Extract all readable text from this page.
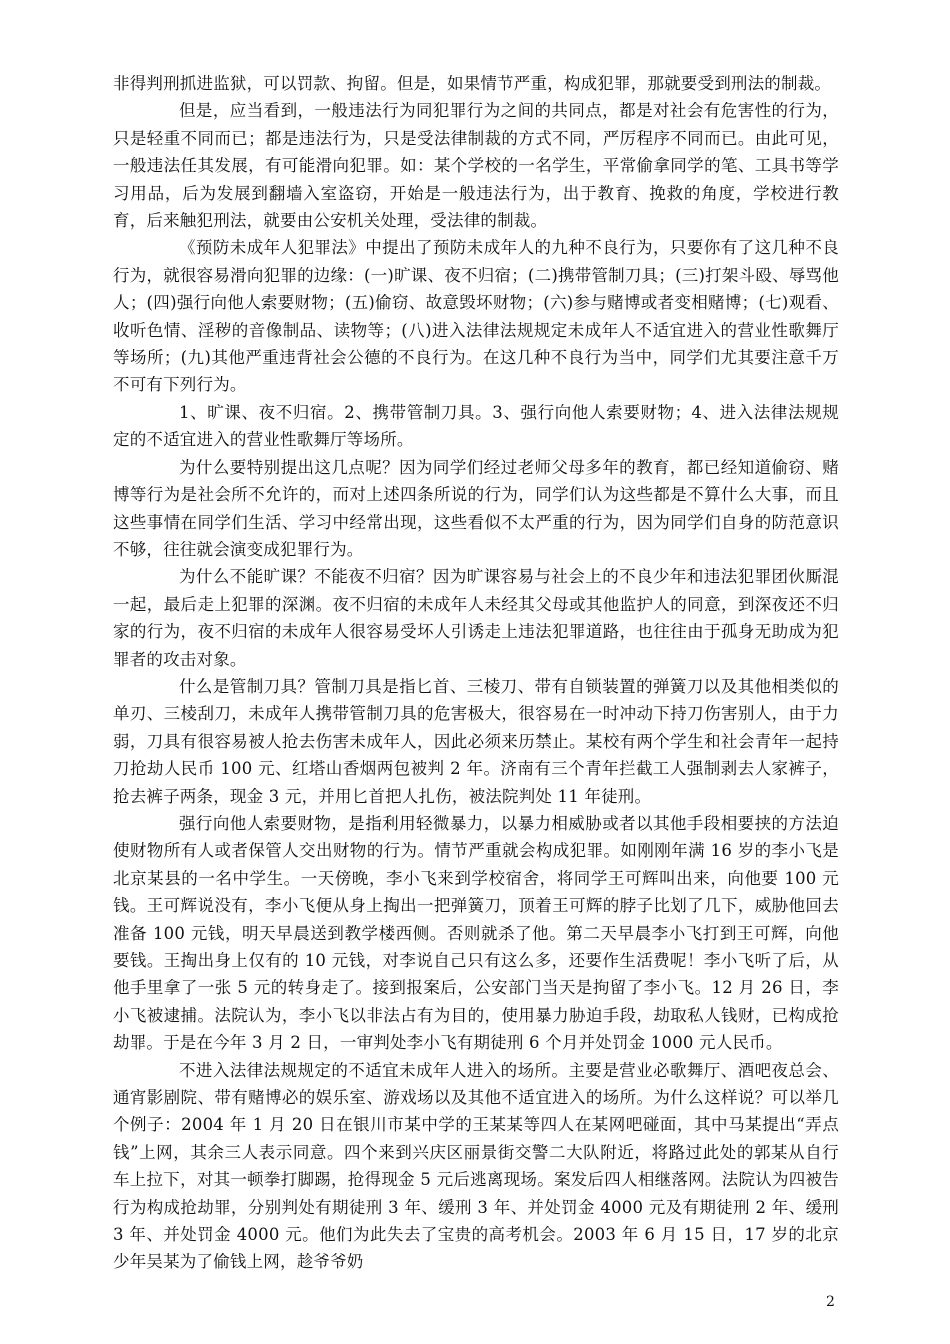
非得判刑抓进监狱，可以罚款、拘留。但是，如果情节严重，构成犯罪，那就要受到刑法的制裁。

但是，应当看到，一般违法行为同犯罪行为之间的共同点，都是对社会有危害性的行为，只是轻重不同而已；都是违法行为，只是受法律制裁的方式不同，严厉程序不同而已。由此可见，一般违法任其发展，有可能滑向犯罪。如：某个学校的一名学生，平常偷拿同学的笔、工具书等学习用品，后为发展到翻墙入室盗窃，开始是一般违法行为，出于教育、挽救的角度，学校进行教育，后来触犯刑法，就要由公安机关处理，受法律的制裁。

《预防未成年人犯罪法》中提出了预防未成年人的九种不良行为，只要你有了这几种不良行为，就很容易滑向犯罪的边缘：(一)旷课、夜不归宿；(二)携带管制刀具；(三)打架斗殴、辱骂他人；(四)强行向他人索要财物；(五)偷窃、故意毁坏财物；(六)参与赌博或者变相赌博；(七)观看、收听色情、淫秽的音像制品、读物等；(八)进入法律法规规定未成年人不适宜进入的营业性歌舞厅等场所；(九)其他严重违背社会公德的不良行为。在这几种不良行为当中，同学们尤其要注意千万不可有下列行为。

1、旷课、夜不归宿。2、携带管制刀具。3、强行向他人索要财物；4、进入法律法规规定的不适宜进入的营业性歌舞厅等场所。

为什么要特别提出这几点呢？因为同学们经过老师父母多年的教育，都已经知道偷窃、赌博等行为是社会所不允许的，而对上述四条所说的行为，同学们认为这些都是不算什么大事，而且这些事情在同学们生活、学习中经常出现，这些看似不太严重的行为，因为同学们自身的防范意识不够，往往就会演变成犯罪行为。

为什么不能旷课？不能夜不归宿？因为旷课容易与社会上的不良少年和违法犯罪团伙厮混一起，最后走上犯罪的深渊。夜不归宿的未成年人未经其父母或其他监护人的同意，到深夜还不归家的行为，夜不归宿的未成年人很容易受坏人引诱走上违法犯罪道路，也往往由于孤身无助成为犯罪者的攻击对象。

什么是管制刀具？管制刀具是指匕首、三棱刀、带有自锁装置的弹簧刀以及其他相类似的单刃、三棱刮刀，未成年人携带管制刀具的危害极大，很容易在一时冲动下持刀伤害别人，由于力弱，刀具有很容易被人抢去伤害未成年人，因此必须来历禁止。某校有两个学生和社会青年一起持刀抢劫人民币 100 元、红塔山香烟两包被判 2 年。济南有三个青年拦截工人强制剥去人家裤子，抢去裤子两条，现金 3 元，并用匕首把人扎伤，被法院判处 11 年徒刑。

强行向他人索要财物，是指利用轻微暴力，以暴力相威胁或者以其他手段相要挟的方法迫使财物所有人或者保管人交出财物的行为。情节严重就会构成犯罪。如刚刚年满 16 岁的李小飞是北京某县的一名中学生。一天傍晚，李小飞来到学校宿舍，将同学王可辉叫出来，向他要 100 元钱。王可辉说没有，李小飞便从身上掏出一把弹簧刀，顶着王可辉的脖子比划了几下，威胁他回去准备 100 元钱，明天早晨送到教学楼西侧。否则就杀了他。第二天早晨李小飞打到王可辉，向他要钱。王掏出身上仅有的 10 元钱，对李说自己只有这么多，还要作生活费呢！李小飞听了后，从他手里拿了一张 5 元的转身走了。接到报案后，公安部门当天是拘留了李小飞。12 月 26 日，李小飞被逮捕。法院认为，李小飞以非法占有为目的，使用暴力胁迫手段，劫取私人钱财，已构成抢劫罪。于是在今年 3 月 2 日，一审判处李小飞有期徒刑 6 个月并处罚金 1000 元人民币。

不进入法律法规规定的不适宜未成年人进入的场所。主要是营业必歌舞厅、酒吧夜总会、通宵影剧院、带有赌博必的娱乐室、游戏场以及其他不适宜进入的场所。为什么这样说？可以举几个例子：2004 年 1 月 20 日在银川市某中学的王某某等四人在某网吧碰面，其中马某提出“弄点钱”上网，其余三人表示同意。四个来到兴庆区丽景街交警二大队附近，将路过此处的郭某从自行车上拉下，对其一顿拳打脚踢，抢得现金 5 元后逃离现场。案发后四人相继落网。法院认为四被告行为构成抢劫罪，分别判处有期徒刑 3 年、缓刑 3 年、并处罚金 4000 元及有期徒刑 2 年、缓刑 3 年、并处罚金 4000 元。他们为此失去了宝贵的高考机会。2003 年 6 月 15 日，17 岁的北京少年吴某为了偷钱上网，趁爷爷奶

2
